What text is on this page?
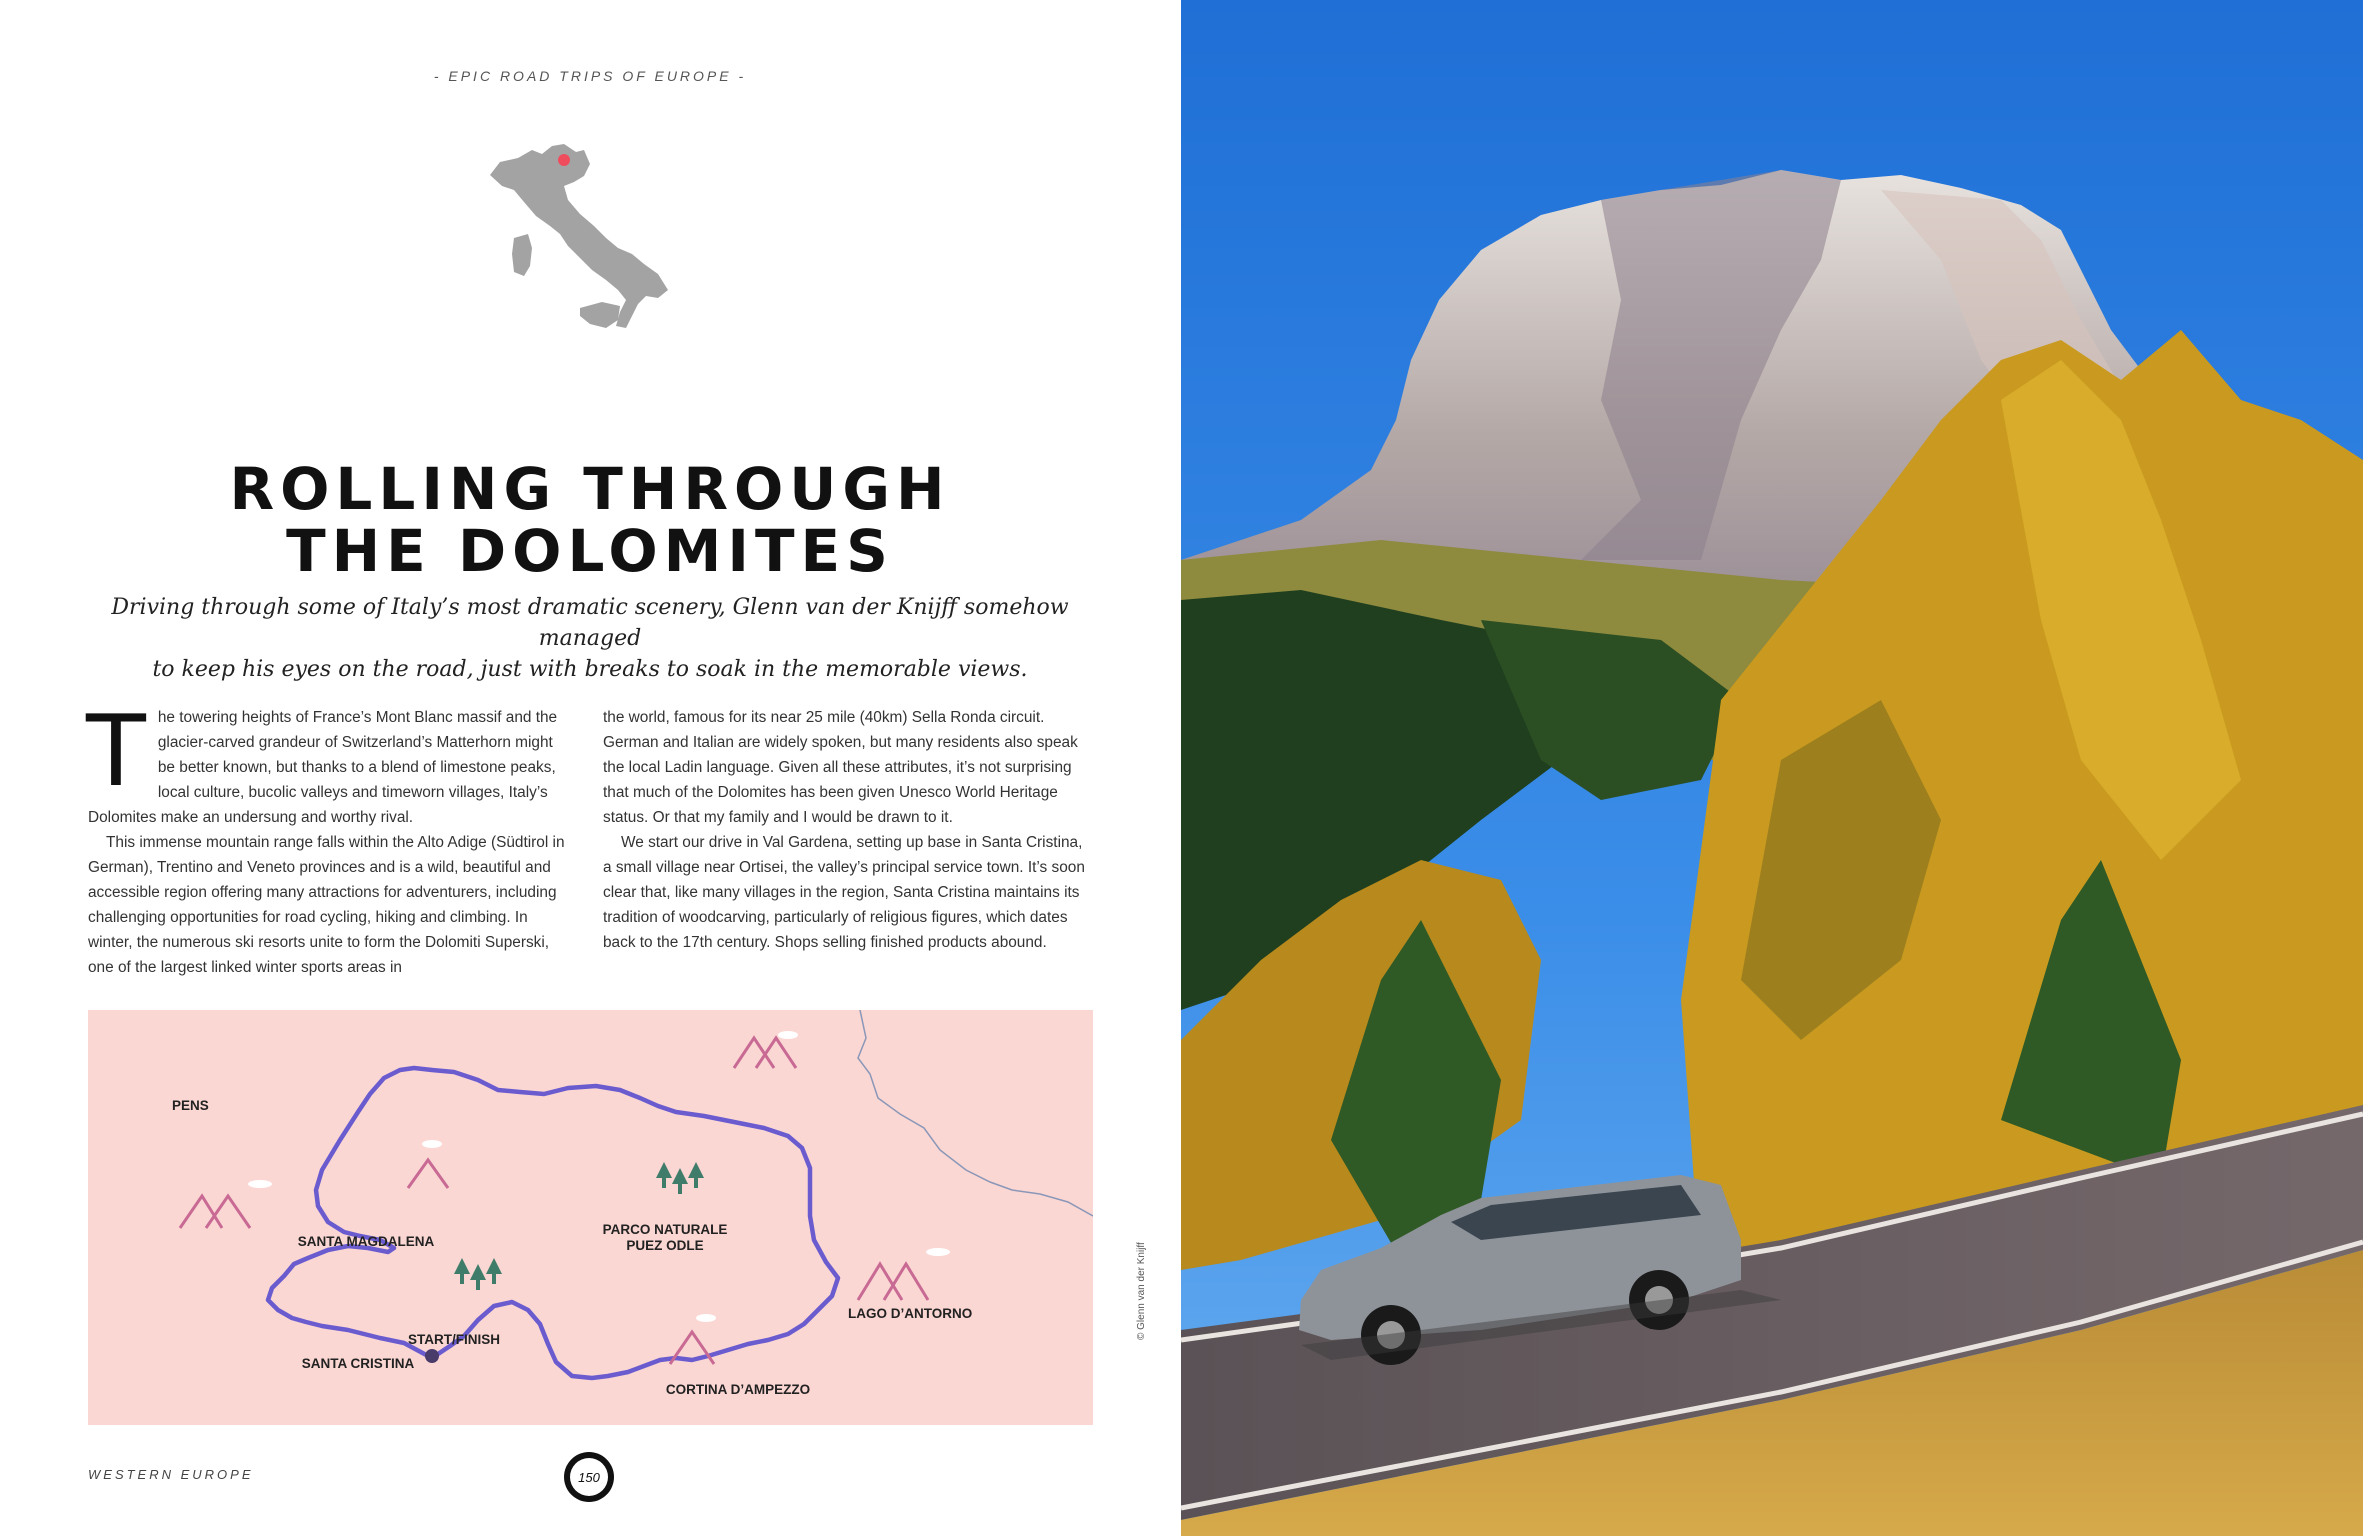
- EPIC ROAD TRIPS OF EUROPE -
ROLLING THROUGH
THE DOLOMITES

Driving through some of Italy’s most dramatic scenery, Glenn van der Knijff somehow managed
to keep his eyes on the road, just with breaks to soak in the memorable views.

The towering heights of France’s Mont Blanc massif and the glacier-carved grandeur of Switzerland’s Matterhorn might be better known, but thanks to a blend of limestone peaks, local culture, bucolic valleys and timeworn villages, Italy’s Dolomites make an undersung and worthy rival.

This immense mountain range falls within the Alto Adige (Südtirol in German), Trentino and Veneto provinces and is a wild, beautiful and accessible region offering many attractions for adventurers, including challenging opportunities for road cycling, hiking and climbing. In winter, the numerous ski resorts unite to form the Dolomiti Superski, one of the largest linked winter sports areas in

the world, famous for its near 25 mile (40km) Sella Ronda circuit. German and Italian are widely spoken, but many residents also speak the local Ladin language. Given all these attributes, it’s not surprising that much of the Dolomites has been given Unesco World Heritage status. Or that my family and I would be drawn to it.

We start our drive in Val Gardena, setting up base in Santa Cristina, a small village near Ortisei, the valley’s principal service town. It’s soon clear that, like many villages in the region, Santa Cristina maintains its tradition of woodcarving, particularly of religious figures, which dates back to the 17th century. Shops selling finished products abound.

PENS
SANTA MAGDALENA
PARCO NATURALE
PUEZ ODLE
LAGO D’ANTORNO
START/FINISH
SANTA CRISTINA
CORTINA D’AMPEZZO
WESTERN EUROPE	150
© Glenn van der Knijff
